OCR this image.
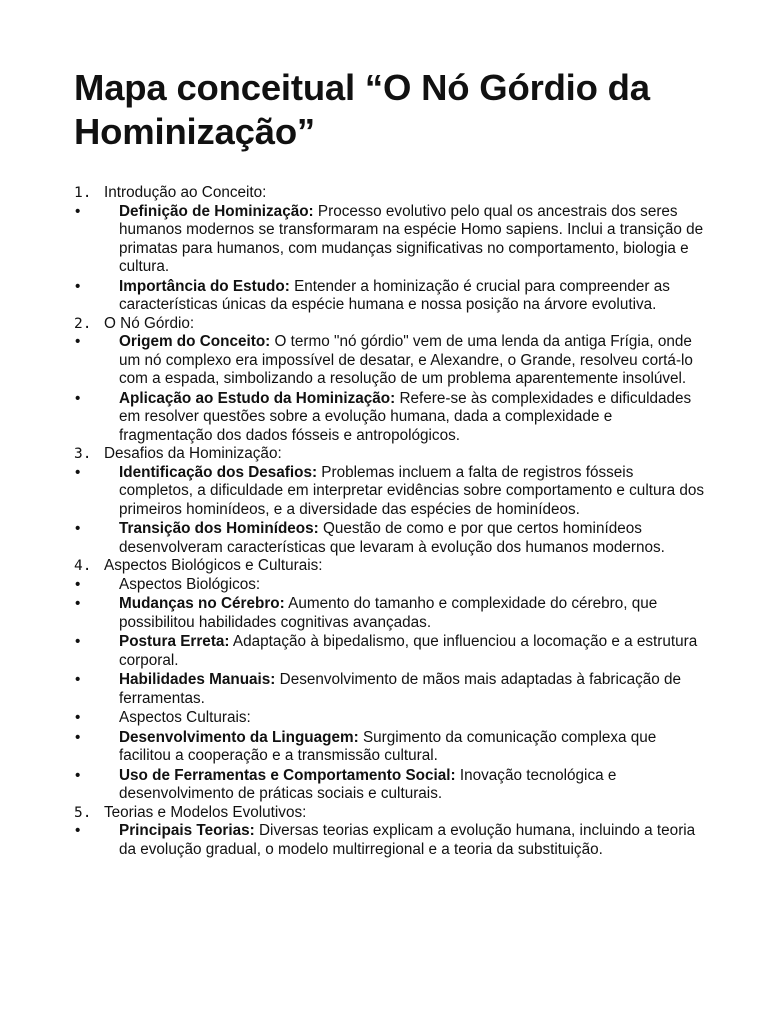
Mapa conceitual “O Nó Górdio da Hominização”
1. Introdução ao Conceito:
•	Definição de Hominização: Processo evolutivo pelo qual os ancestrais dos seres humanos modernos se transformaram na espécie Homo sapiens. Inclui a transição de primatas para humanos, com mudanças significativas no comportamento, biologia e cultura.
•	Importância do Estudo: Entender a hominização é crucial para compreender as características únicas da espécie humana e nossa posição na árvore evolutiva.
2. O Nó Górdio:
•	Origem do Conceito: O termo "nó górdio" vem de uma lenda da antiga Frígia, onde um nó complexo era impossível de desatar, e Alexandre, o Grande, resolveu cortá-lo com a espada, simbolizando a resolução de um problema aparentemente insolúvel.
•	Aplicação ao Estudo da Hominização: Refere-se às complexidades e dificuldades em resolver questões sobre a evolução humana, dada a complexidade e fragmentação dos dados fósseis e antropológicos.
3. Desafios da Hominização:
•	Identificação dos Desafios: Problemas incluem a falta de registros fósseis completos, a dificuldade em interpretar evidências sobre comportamento e cultura dos primeiros hominídeos, e a diversidade das espécies de hominídeos.
•	Transição dos Hominídeos: Questão de como e por que certos hominídeos desenvolveram características que levaram à evolução dos humanos modernos.
4. Aspectos Biológicos e Culturais:
•	Aspectos Biológicos:
•	Mudanças no Cérebro: Aumento do tamanho e complexidade do cérebro, que possibilitou habilidades cognitivas avançadas.
•	Postura Erreta: Adaptação à bipedalismo, que influenciou a locomação e a estrutura corporal.
•	Habilidades Manuais: Desenvolvimento de mãos mais adaptadas à fabricação de ferramentas.
•	Aspectos Culturais:
•	Desenvolvimento da Linguagem: Surgimento da comunicação complexa que facilitou a cooperação e a transmissão cultural.
•	Uso de Ferramentas e Comportamento Social: Inovação tecnológica e desenvolvimento de práticas sociais e culturais.
5. Teorias e Modelos Evolutivos:
•	Principais Teorias: Diversas teorias explicam a evolução humana, incluindo a teoria da evolução gradual, o modelo multirregional e a teoria da substituição.
